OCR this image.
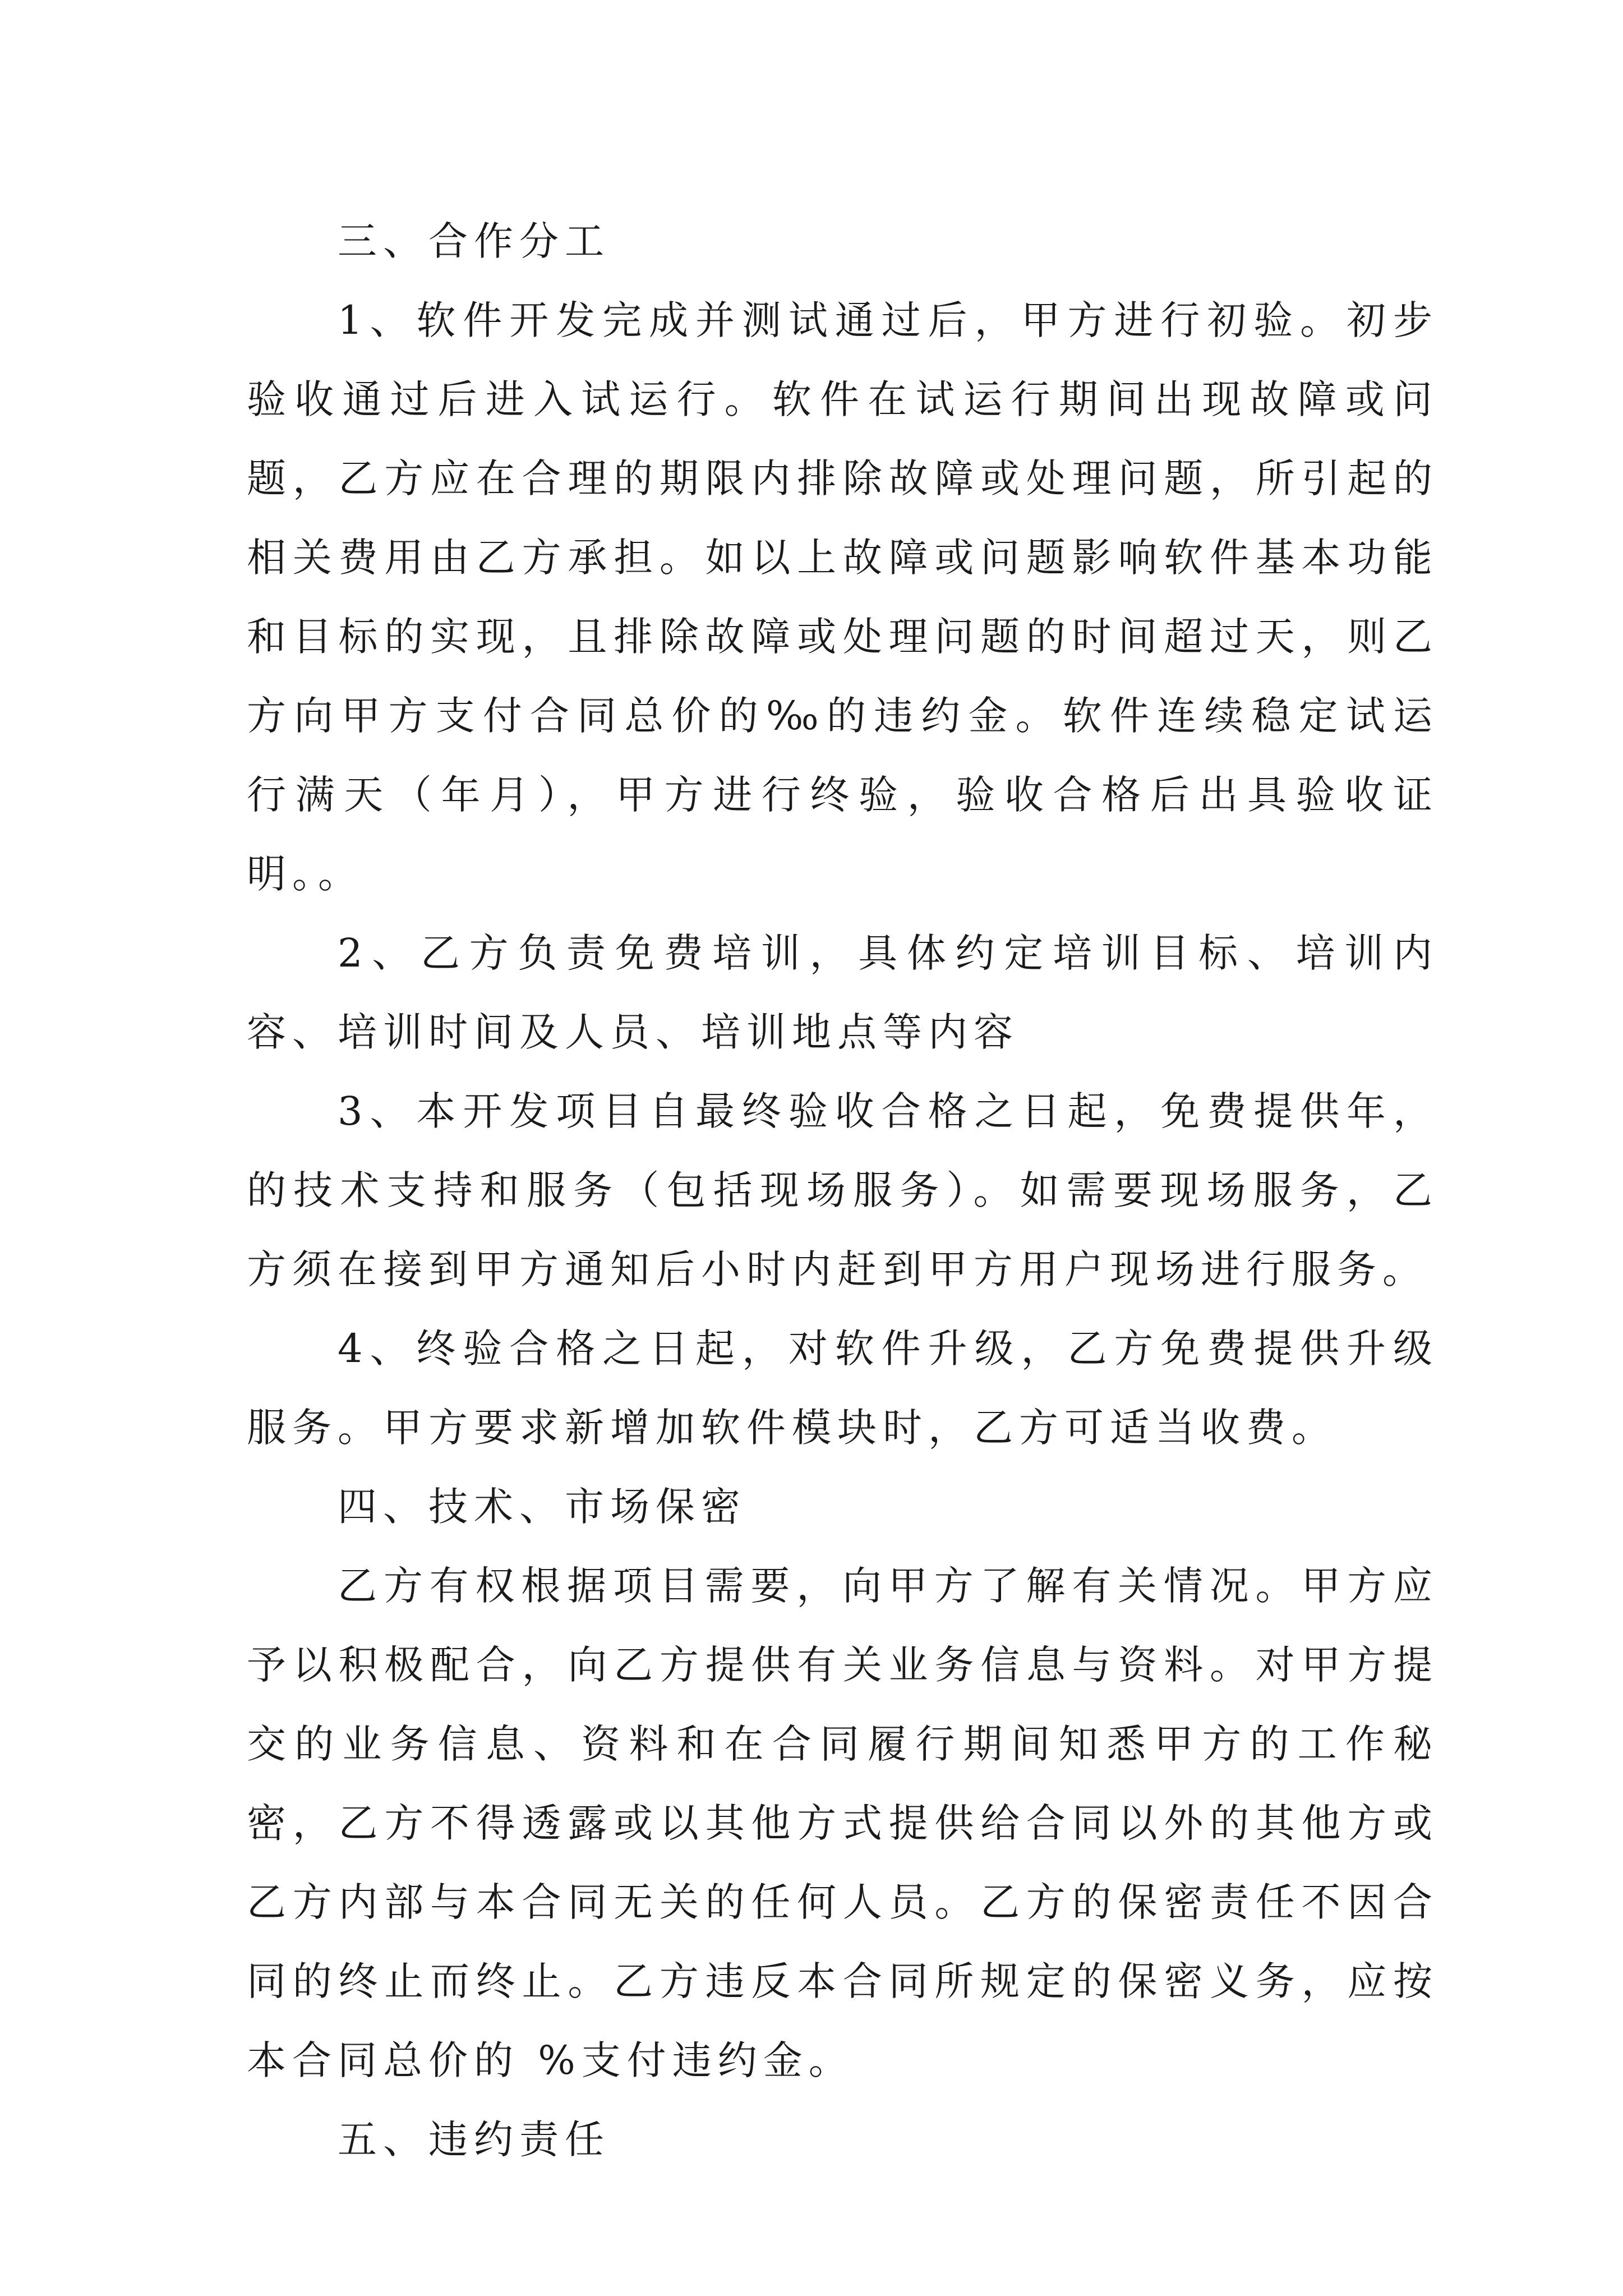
三、合作分工

1、软件开发完成并测试通过后，甲方进行初验。初步验收通过后进入试运行。软件在试运行期间出现故障或问题，乙方应在合理的期限内排除故障或处理问题，所引起的相关费用由乙方承担。如以上故障或问题影响软件基本功能和目标的实现，且排除故障或处理问题的时间超过天，则乙方向甲方支付合同总价的‰的违约金。软件连续稳定试运行满天（年月），甲方进行终验，验收合格后出具验收证明。。

2、乙方负责免费培训，具体约定培训目标、培训内容、培训时间及人员、培训地点等内容

3、本开发项目自最终验收合格之日起，免费提供年，的技术支持和服务（包括现场服务）。如需要现场服务，乙方须在接到甲方通知后小时内赶到甲方用户现场进行服务。

4、终验合格之日起，对软件升级，乙方免费提供升级服务。甲方要求新增加软件模块时，乙方可适当收费。

四、技术、市场保密

乙方有权根据项目需要，向甲方了解有关情况。甲方应予以积极配合，向乙方提供有关业务信息与资料。对甲方提交的业务信息、资料和在合同履行期间知悉甲方的工作秘密，乙方不得透露或以其他方式提供给合同以外的其他方或乙方内部与本合同无关的任何人员。乙方的保密责任不因合同的终止而终止。乙方违反本合同所规定的保密义务，应按本合同总价的 %支付违约金。

五、违约责任
